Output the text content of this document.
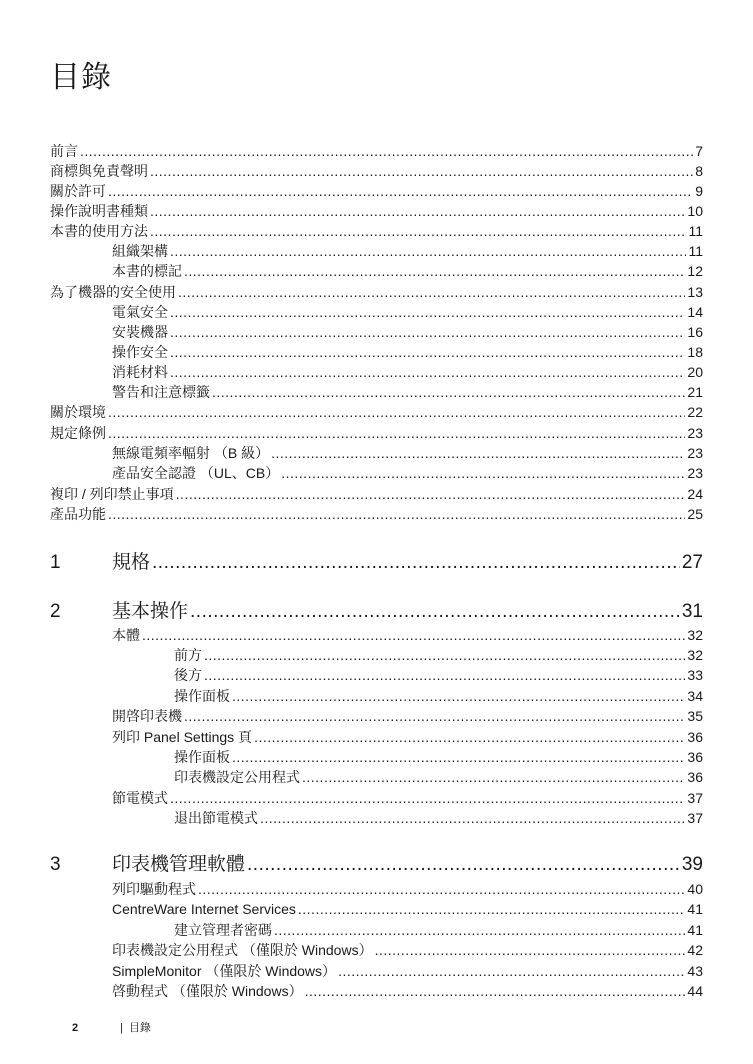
目錄
前言 .....	7
商標與免責聲明 .....	8
關於許可 .....	9
操作說明書種類 .....	10
本書的使用方法 .....	11
組織架構 .....	11
本書的標記 .....	12
為了機器的安全使用 .....	13
電氣安全 .....	14
安裝機器 .....	16
操作安全 .....	18
消耗材料 .....	20
警告和注意標籤 .....	21
關於環境 .....	22
規定條例 .....	23
無線電頻率輻射 （B 級） .....	23
產品安全認證 （UL、CB） .....	23
複印 / 列印禁止事項 .....	24
產品功能 .....	25
1	規格 .....	27
2	基本操作 .....	31
本體 .....	32
前方 .....	32
後方 .....	33
操作面板 .....	34
開啓印表機 .....	35
列印 Panel Settings 頁 .....	36
操作面板 .....	36
印表機設定公用程式 .....	36
節電模式 .....	37
退出節電模式 .....	37
3	印表機管理軟體 .....	39
列印驅動程式 .....	40
CentreWare Internet Services .....	41
建立管理者密碼 .....	41
印表機設定公用程式 （僅限於 Windows） .....	42
SimpleMonitor （僅限於 Windows） .....	43
啓動程式 （僅限於 Windows） .....	44
2	| 目錄
